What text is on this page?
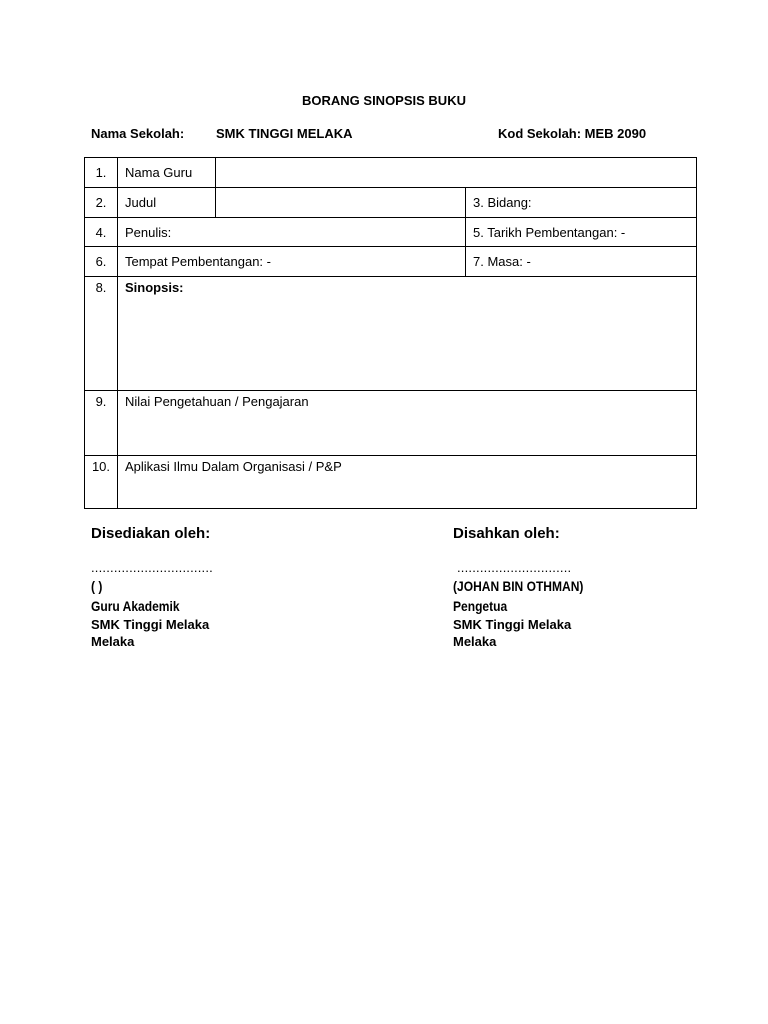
BORANG SINOPSIS BUKU
Nama Sekolah: SMK TINGGI MELAKA	Kod Sekolah: MEB 2090
1.	Nama Guru		
2.	Judul		3. Bidang:
4.	Penulis:		5. Tarikh Pembentangan: -
6.	Tempat Pembentangan: -		7. Masa: -
8.	Sinopsis:		
9.	Nilai Pengetahuan / Pengajaran		
10.	Aplikasi Ilmu Dalam Organisasi / P&P		
Disediakan oleh:
................................
( )
Guru Akademik
SMK Tinggi Melaka
Melaka
Disahkan oleh:
..............................
(JOHAN BIN OTHMAN)
Pengetua
SMK Tinggi Melaka
Melaka
